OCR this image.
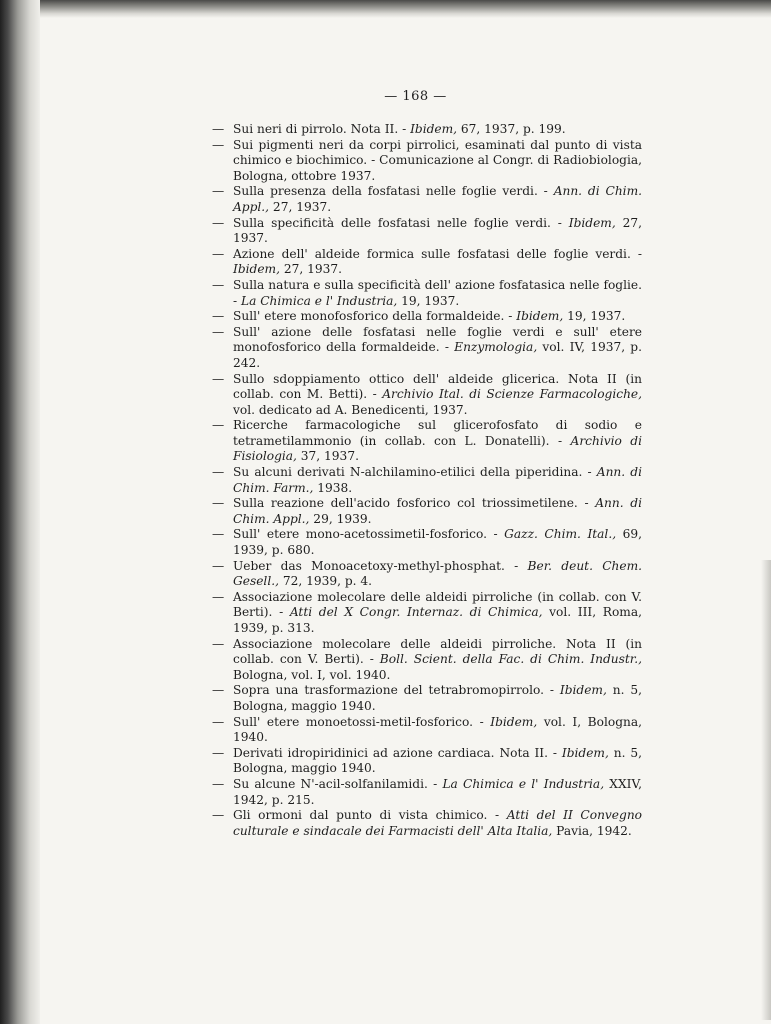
— 168 —
— Sui neri di pirrolo. Nota II. - Ibidem, 67, 1937, p. 199.
— Sui pigmenti neri da corpi pirrolici, esaminati dal punto di vista chimico e biochimico. - Comunicazione al Congr. di Radiobiologia, Bologna, ottobre 1937.
— Sulla presenza della fosfatasi nelle foglie verdi. - Ann. di Chim. Appl., 27, 1937.
— Sulla specificità delle fosfatasi nelle foglie verdi. - Ibidem, 27, 1937.
— Azione dell' aldeide formica sulle fosfatasi delle foglie verdi. - Ibidem, 27, 1937.
— Sulla natura e sulla specificità dell' azione fosfatasica nelle foglie. - La Chimica e l' Industria, 19, 1937.
— Sull' etere monofosforico della formaldeide. - Ibidem, 19, 1937.
— Sull' azione delle fosfatasi nelle foglie verdi e sull' etere monofosforico della formaldeide. - Enzymologia, vol. IV, 1937, p. 242.
— Sullo sdoppiamento ottico dell' aldeide glicerica. Nota II (in collab. con M. Betti). - Archivio Ital. di Scienze Farmacologiche, vol. dedicato ad A. Benedicenti, 1937.
— Ricerche farmacologiche sul glicerofosfato di sodio e tetrametilammonio (in collab. con L. Donatelli). - Archivio di Fisiologia, 37, 1937.
— Su alcuni derivati N-alchilamino-etilici della piperidina. - Ann. di Chim. Farm., 1938.
— Sulla reazione dell'acido fosforico col triossimetilene. - Ann. di Chim. Appl., 29, 1939.
— Sull' etere mono-acetossimetil-fosforico. - Gazz. Chim. Ital., 69, 1939, p. 680.
— Ueber das Monoacetoxy-methyl-phosphat. - Ber. deut. Chem. Gesell., 72, 1939, p. 4.
— Associazione molecolare delle aldeidi pirroliche (in collab. con V. Berti). - Atti del X Congr. Internaz. di Chimica, vol. III, Roma, 1939, p. 313.
— Associazione molecolare delle aldeidi pirroliche. Nota II (in collab. con V. Berti). - Boll. Scient. della Fac. di Chim. Industr., Bologna, vol. I, vol. 1940.
— Sopra una trasformazione del tetrabromopirrolo. - Ibidem, n. 5, Bologna, maggio 1940.
— Sull' etere monoetossi-metil-fosforico. - Ibidem, vol. I, Bologna, 1940.
— Derivati idropiridinici ad azione cardiaca. Nota II. - Ibidem, n. 5, Bologna, maggio 1940.
— Su alcune N'-acil-solfanilamidi. - La Chimica e l' Industria, XXIV, 1942, p. 215.
— Gli ormoni dal punto di vista chimico. - Atti del II Convegno culturale e sindacale dei Farmacisti dell' Alta Italia, Pavia, 1942.
